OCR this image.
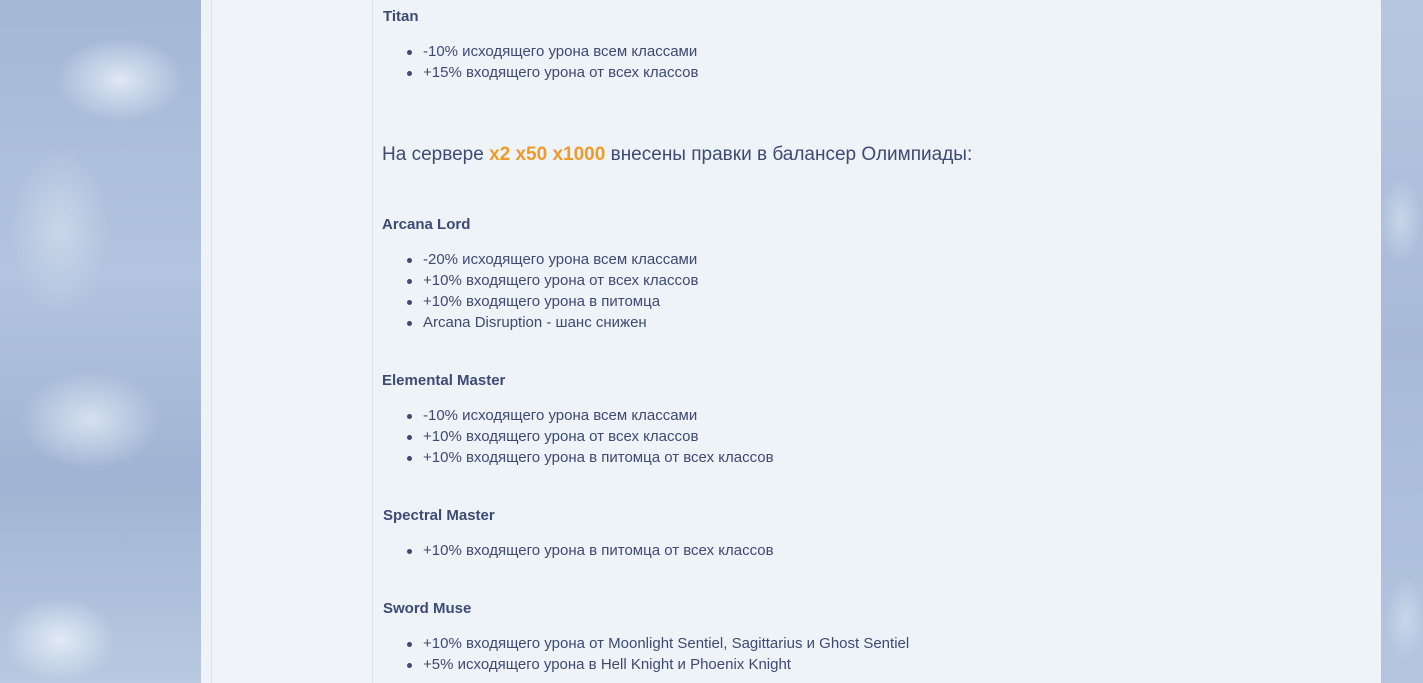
Titan
-10% исходящего урона всем классами
+15% входящего урона от всех классов
На сервере x2 x50 x1000 внесены правки в балансер Олимпиады:
Arcana Lord
-20% исходящего урона всем классами
+10% входящего урона от всех классов
+10% входящего урона в питомца
Arcana Disruption - шанс снижен
Elemental Master
-10% исходящего урона всем классами
+10% входящего урона от всех классов
+10% входящего урона в питомца от всех классов
Spectral Master
+10% входящего урона в питомца от всех классов
Sword Muse
+10% входящего урона от Moonlight Sentiel, Sagittarius и Ghost Sentiel
+5% исходящего урона в Hell Knight и Phoenix Knight
